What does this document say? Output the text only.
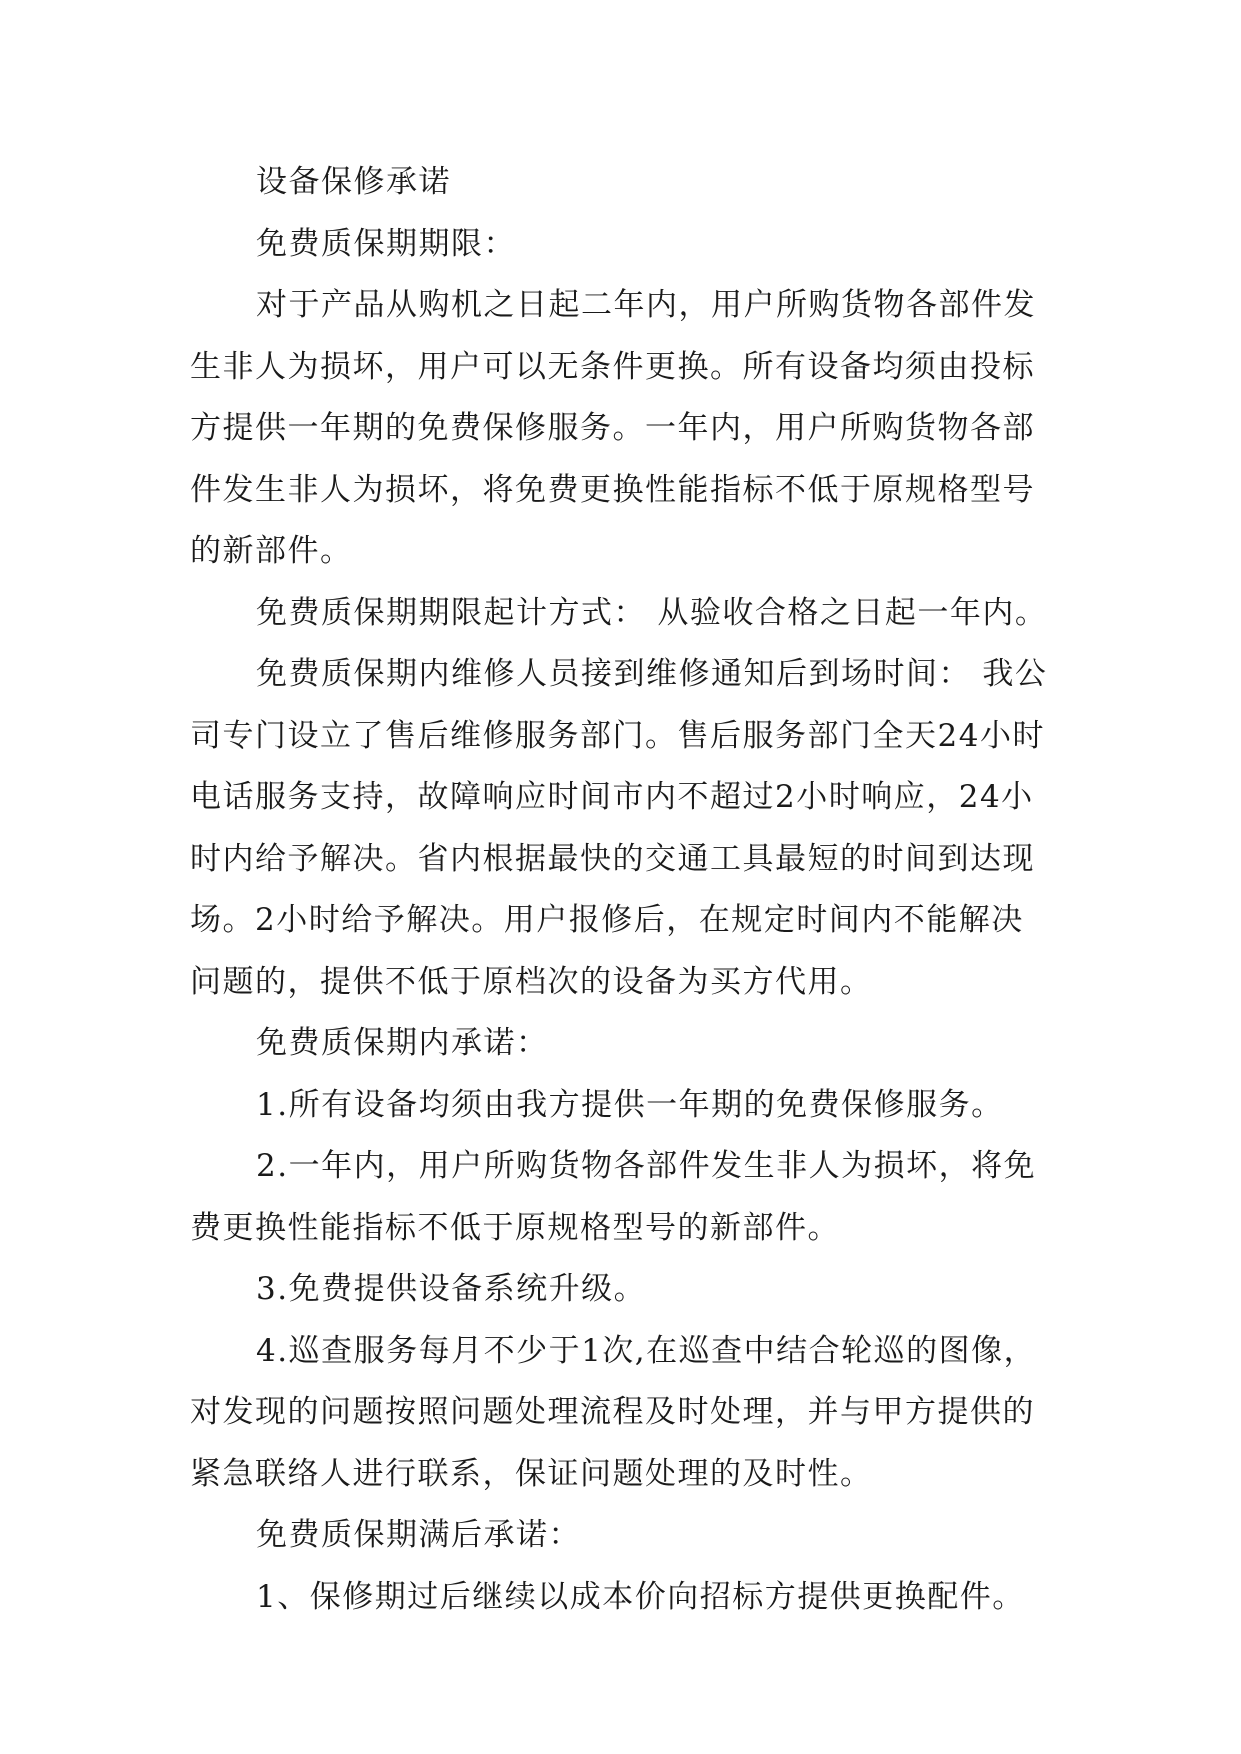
设备保修承诺

免费质保期期限：

对于产品从购机之日起二年内，用户所购货物各部件发生非人为损坏，用户可以无条件更换。所有设备均须由投标方提供一年期的免费保修服务。一年内，用户所购货物各部件发生非人为损坏，将免费更换性能指标不低于原规格型号的新部件。

免费质保期期限起计方式： 从验收合格之日起一年内。

免费质保期内维修人员接到维修通知后到场时间： 我公司专门设立了售后维修服务部门。售后服务部门全天24小时电话服务支持，故障响应时间市内不超过2小时响应，24小时内给予解决。省内根据最快的交通工具最短的时间到达现场。2小时给予解决。用户报修后，在规定时间内不能解决问题的，提供不低于原档次的设备为买方代用。

免费质保期内承诺：

1.所有设备均须由我方提供一年期的免费保修服务。

2.一年内，用户所购货物各部件发生非人为损坏，将免费更换性能指标不低于原规格型号的新部件。

3.免费提供设备系统升级。

4.巡查服务每月不少于1次,在巡查中结合轮巡的图像，对发现的问题按照问题处理流程及时处理，并与甲方提供的紧急联络人进行联系，保证问题处理的及时性。

免费质保期满后承诺：

1、保修期过后继续以成本价向招标方提供更换配件。
